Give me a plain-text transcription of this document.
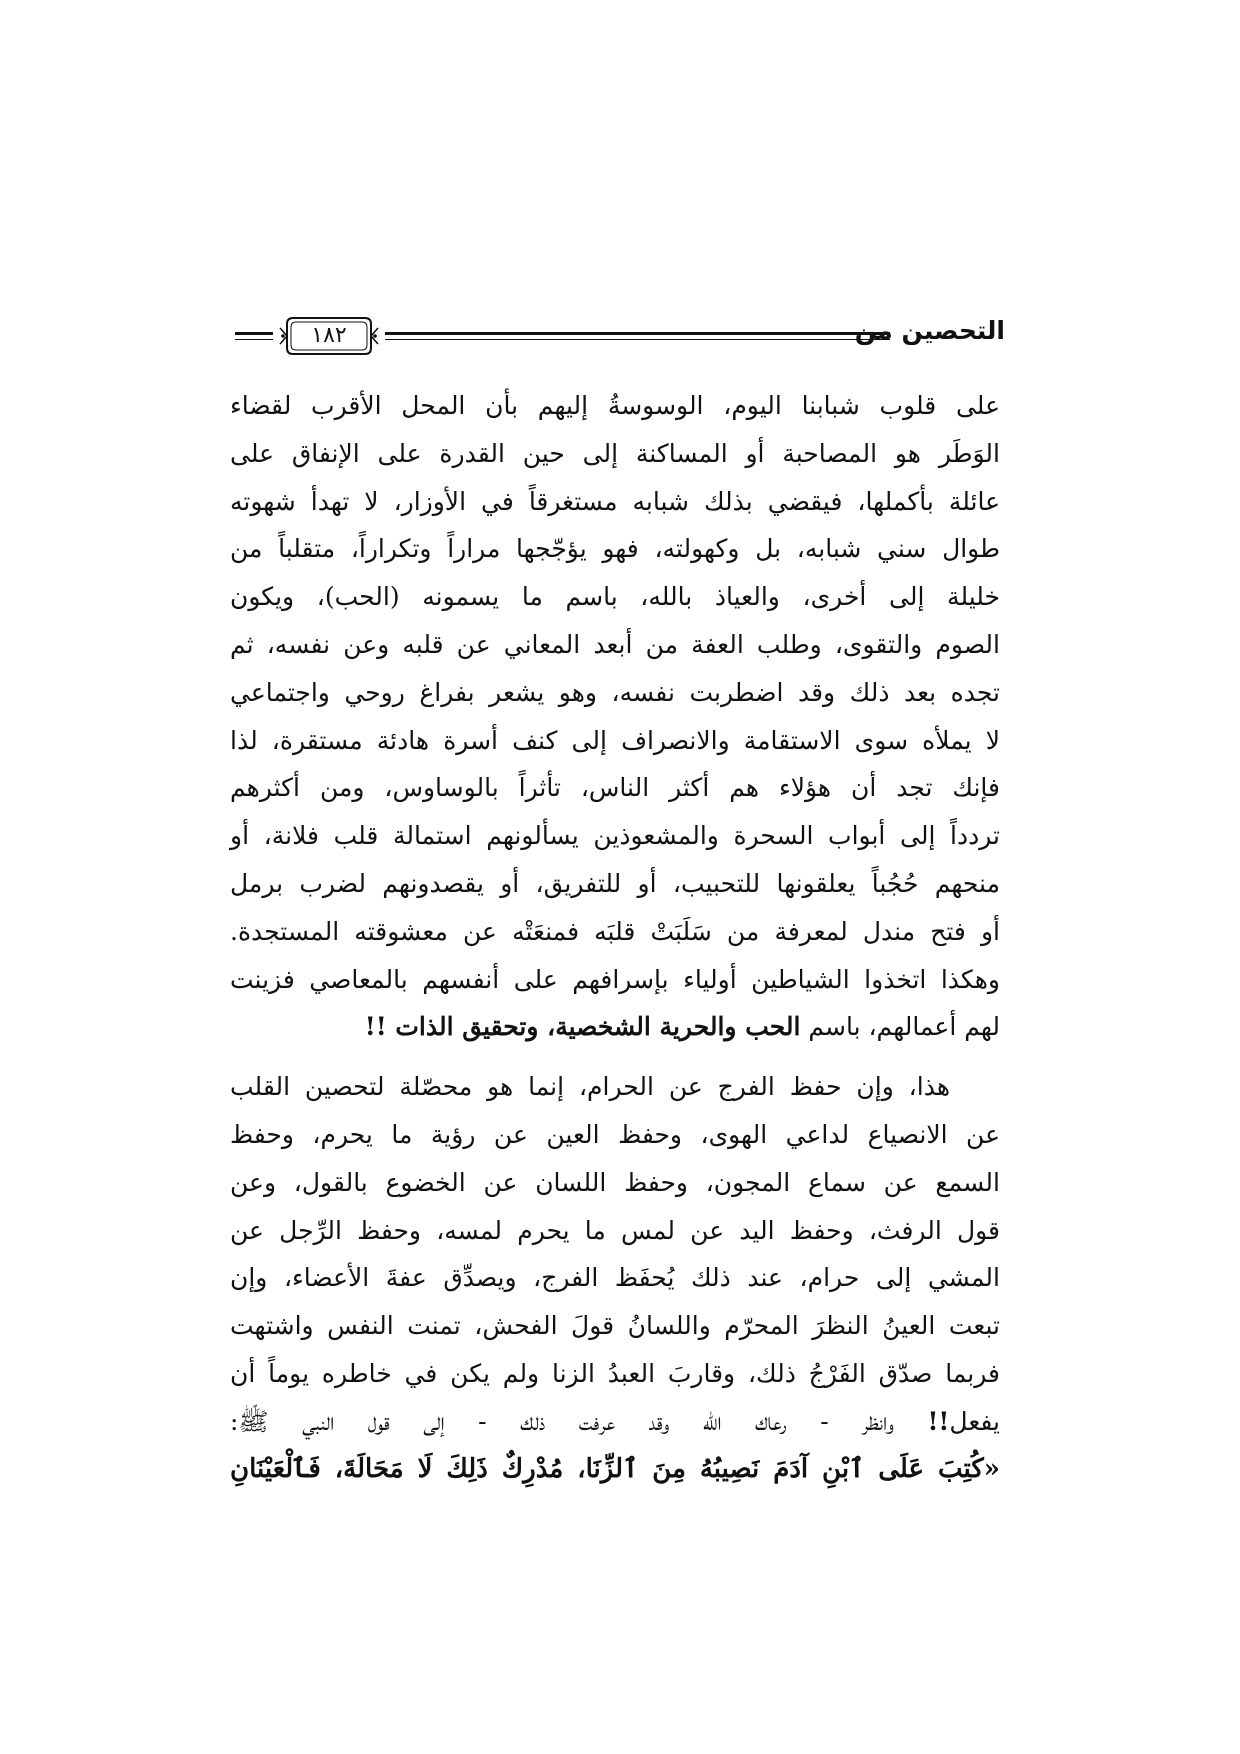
١٨٢	التحصين من

على قلوب شبابنا اليوم، الوسوسةُ إليهم بأن المحل الأقرب لقضاء
الوَطَر هو المصاحبة أو المساكنة إلى حين القدرة على الإنفاق على
عائلة بأكملها، فيقضي بذلك شبابه مستغرقاً في الأوزار، لا تهدأ شهوته
طوال سني شبابه، بل وكهولته، فهو يؤجّجها مراراً وتكراراً، متقلباً من
خليلة إلى أخرى، والعياذ بالله، باسم ما يسمونه (الحب)، ويكون
الصوم والتقوى، وطلب العفة من أبعد المعاني عن قلبه وعن نفسه، ثم
تجده بعد ذلك وقد اضطربت نفسه، وهو يشعر بفراغ روحي واجتماعي
لا يملأه سوى الاستقامة والانصراف إلى كنف أسرة هادئة مستقرة، لذا
فإنك تجد أن هؤلاء هم أكثر الناس، تأثراً بالوساوس، ومن أكثرهم
تردداً إلى أبواب السحرة والمشعوذين يسألونهم استمالة قلب فلانة، أو
منحهم حُجُباً يعلقونها للتحبيب، أو للتفريق، أو يقصدونهم لضرب برمل
أو فتح مندل لمعرفة من سَلَبَتْ قلبَه فمنعَتْه عن معشوقته المستجدة.
وهكذا اتخذوا الشياطين أولياء بإسرافهم على أنفسهم بالمعاصي فزينت
لهم أعمالهم، باسم الحب والحرية الشخصية، وتحقيق الذات !!

هذا، وإن حفظ الفرج عن الحرام، إنما هو محصّلة لتحصين القلب
عن الانصياع لداعي الهوى، وحفظ العين عن رؤية ما يحرم، وحفظ
السمع عن سماع المجون، وحفظ اللسان عن الخضوع بالقول، وعن
قول الرفث، وحفظ اليد عن لمس ما يحرم لمسه، وحفظ الرِّجل عن
المشي إلى حرام، عند ذلك يُحفَظ الفرج، ويصدِّق عفةَ الأعضاء، وإن
تبعت العينُ النظرَ المحرّم واللسانُ قولَ الفحش، تمنت النفس واشتهت
فربما صدّق الفَرْجُ ذلك، وقاربَ العبدُ الزنا ولم يكن في خاطره يوماً أن
يفعل!! وانظر - رعاك الله وقد عرفت ذلك - إلى قول النبي ﷺ:
«كُتِبَ عَلَى ٱبْنِ آدَمَ نَصِيبُهُ مِنَ ٱلزِّنَا، مُدْرِكٌ ذَلِكَ لَا مَحَالَةَ، فَٱلْعَيْنَانِ
